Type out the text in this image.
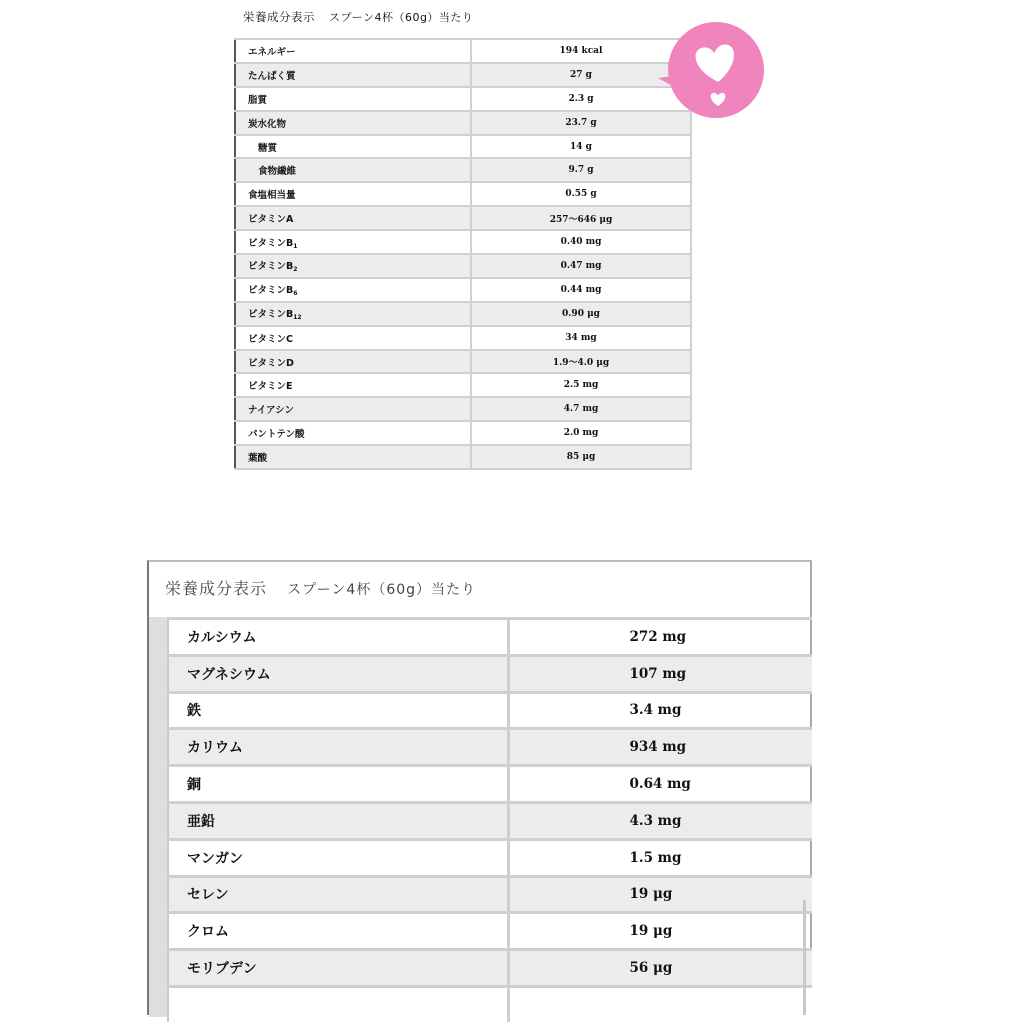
栄養成分表示 スプーン4杯（60g）当たり
エネルギー	194 kcal
たんぱく質	27 g
脂質	2.3 g
炭水化物	23.7 g
糖質	14 g
食物繊維	9.7 g
食塩相当量	0.55 g
ビタミンA	257〜646 μg
ビタミン$B_1$	0.40 mg
ビタミン$B_2$	0.47 mg
ビタミン$B_6$	0.44 mg
ビタミン$B_{12}$	0.90 μg
ビタミンC	34 mg
ビタミンD	1.9〜4.0 μg
ビタミンE	2.5 mg
ナイアシン	4.7 mg
パントテン酸	2.0 mg
葉酸	85 μg
栄養成分表示 スプーン4杯（60g）当たり
カルシウム	272 mg
マグネシウム	107 mg
鉄	3.4 mg
カリウム	934 mg
銅	0.64 mg
亜鉛	4.3 mg
マンガン	1.5 mg
セレン	19 μg
クロム	19 μg
モリブデン	56 μg
